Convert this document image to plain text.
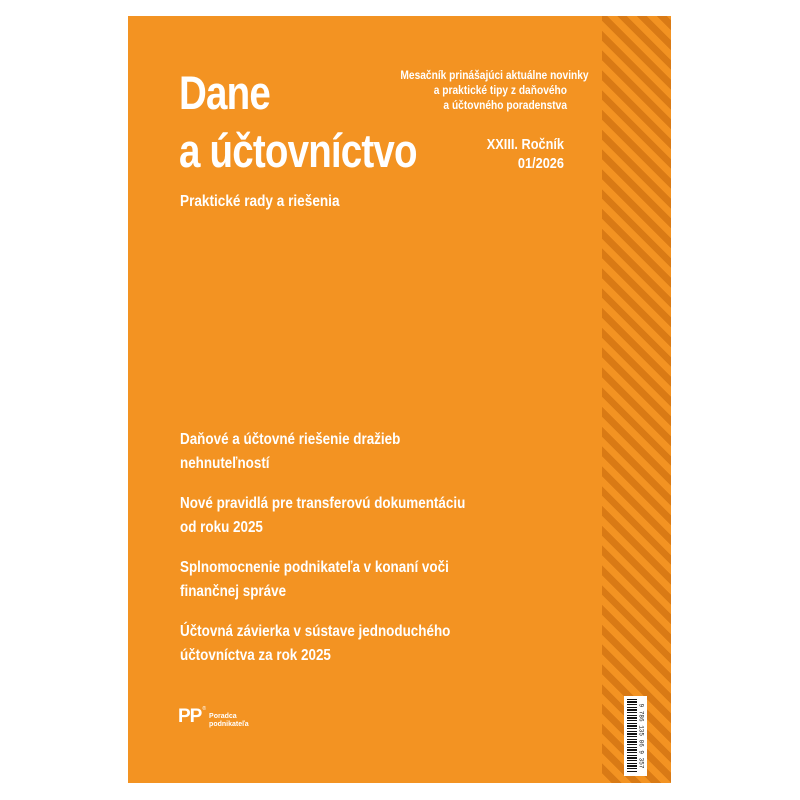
Dane
a účtovníctvo
Mesačník prinášajúci aktuálne novinky
a praktické tipy z daňového
a účtovného poradenstva
XXIII. Ročník
01/2026
Praktické rady a riešenia
Daňové a účtovné riešenie dražieb
nehnuteľností
Nové pravidlá pre transferovú dokumentáciu
od roku 2025
Splnomocnenie podnikateľa v konaní voči
finančnej správe
Účtovná závierka v sústave jednoduchého
účtovníctva za rok 2025
PP ®
Poradca
podnikateľa	9 786 135 06 9 357
